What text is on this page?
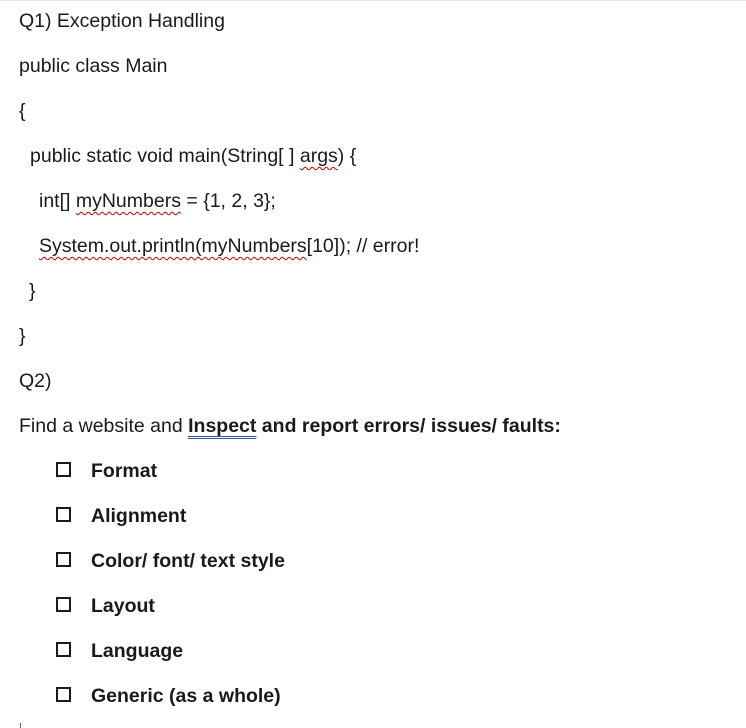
Q1) Exception Handling
public class Main
{
public static void main(String[ ] args) {
int[] myNumbers = {1, 2, 3};
System.out.println(myNumbers[10]); // error!
}
}
Q2)
Find a website and Inspect and report errors/ issues/ faults:
Format
Alignment
Color/ font/ text style
Layout
Language
Generic (as a whole)
